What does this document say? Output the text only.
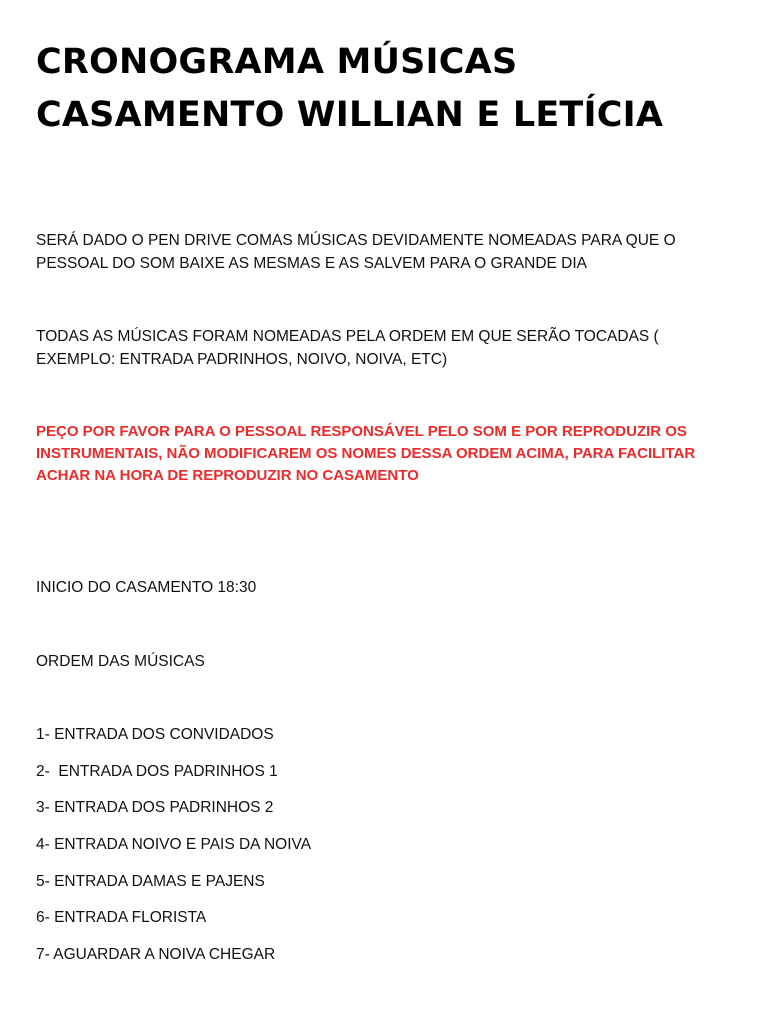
CRONOGRAMA MÚSICAS
CASAMENTO WILLIAN E LETÍCIA

SERÁ DADO O PEN DRIVE COMAS MÚSICAS DEVIDAMENTE NOMEADAS PARA QUE O PESSOAL DO SOM BAIXE AS MESMAS E AS SALVEM PARA O GRANDE DIA

TODAS AS MÚSICAS FORAM NOMEADAS PELA ORDEM EM QUE SERÃO TOCADAS ( EXEMPLO: ENTRADA PADRINHOS, NOIVO, NOIVA, ETC)

PEÇO POR FAVOR PARA O PESSOAL RESPONSÁVEL PELO SOM E POR REPRODUZIR OS INSTRUMENTAIS, NÃO MODIFICAREM OS NOMES DESSA ORDEM ACIMA, PARA FACILITAR ACHAR NA HORA DE REPRODUZIR NO CASAMENTO

INICIO DO CASAMENTO 18:30

ORDEM DAS MÚSICAS

1- ENTRADA DOS CONVIDADOS
2-  ENTRADA DOS PADRINHOS 1
3- ENTRADA DOS PADRINHOS 2
4- ENTRADA NOIVO E PAIS DA NOIVA
5- ENTRADA DAMAS E PAJENS
6- ENTRADA FLORISTA
7- AGUARDAR A NOIVA CHEGAR
